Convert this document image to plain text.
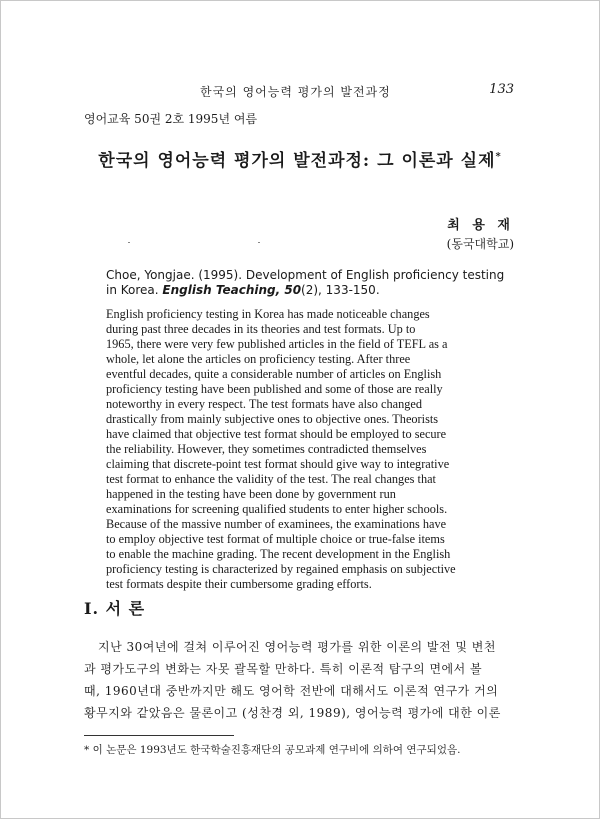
한국의 영어능력 평가의 발전과정	133
영어교육 50권 2호 1995년 여름
한국의 영어능력 평가의 발전과정: 그 이론과 실제*
최 용 재
(동국대학교)
Choe, Yongjae. (1995). Development of English proficiency testing
in Korea. English Teaching, 50(2), 133-150.
English proficiency testing in Korea has made noticeable changes
during past three decades in its theories and test formats. Up to
1965, there were very few published articles in the field of TEFL as a
whole, let alone the articles on proficiency testing. After three
eventful decades, quite a considerable number of articles on English
proficiency testing have been published and some of those are really
noteworthy in every respect. The test formats have also changed
drastically from mainly subjective ones to objective ones. Theorists
have claimed that objective test format should be employed to secure
the reliability. However, they sometimes contradicted themselves
claiming that discrete-point test format should give way to integrative
test format to enhance the validity of the test. The real changes that
happened in the testing have been done by government run
examinations for screening qualified students to enter higher schools.
Because of the massive number of examinees, the examinations have
to employ objective test format of multiple choice or true-false items
to enable the machine grading. The recent development in the English
proficiency testing is characterized by regained emphasis on subjective
test formats despite their cumbersome grading efforts.
I. 서 론
지난 30여년에 걸쳐 이루어진 영어능력 평가를 위한 이론의 발전 및 변천
과 평가도구의 변화는 자못 괄목할 만하다. 특히 이론적 탐구의 면에서 볼
때, 1960년대 중반까지만 해도 영어학 전반에 대해서도 이론적 연구가 거의
황무지와 같았음은 물론이고 (성찬경 외, 1989), 영어능력 평가에 대한 이론
* 이 논문은 1993년도 한국학술진흥재단의 공모과제 연구비에 의하여 연구되었음.
